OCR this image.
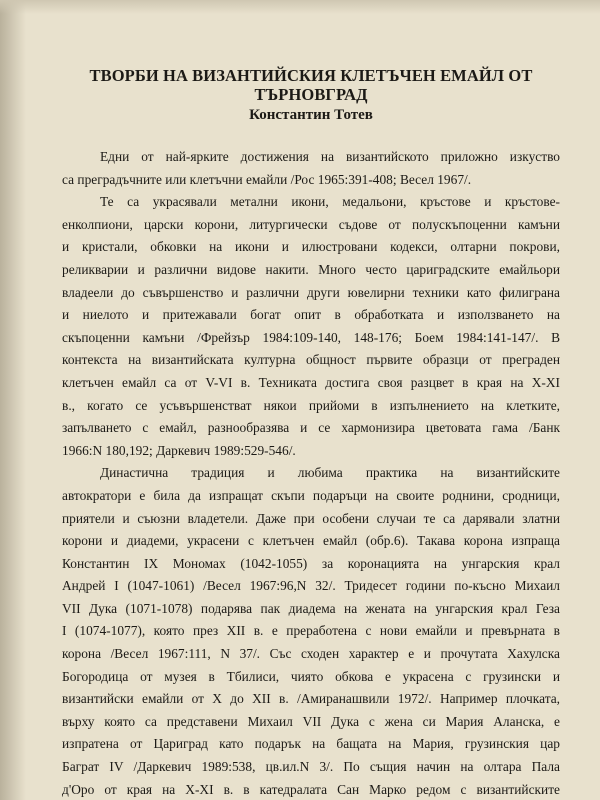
ТВОРБИ НА ВИЗАНТИЙСКИЯ КЛЕТЪЧЕН ЕМАЙЛ ОТ
ТЪРНОВГРАД
Константин Тотев
Едни от най-ярките достижения на византийското приложно изкуство
са преградъчните или клетъчни емайли /Рос 1965:391-408; Весел 1967/.
Те са украсявали метални икони, медальони, кръстове и кръстове-
енколпиони, царски корони, литургически съдове от полускъпоценни камъни
и кристали, обковки на икони и илюстровани кодекси, олтарни покрови,
реликварии и различни видове накити. Много често цариградските емайльори
владеели до съвършенство и различни други ювелирни техники като филиграна
и ниелото и притежавали богат опит в обработката и използването на
скъпоценни камъни /Фрейзър 1984:109-140, 148-176; Боем 1984:141-147/. В
контекста на византийската културна общност първите образци от преграден
клетъчен емайл са от V-VI в. Техниката достига своя разцвет в края на X-XI
в., когато се усъвършенстват някои прийоми в изпълнението на клетките,
запълването с емайл, разнообразява и се хармонизира цветовата гама /Банк
1966:N 180,192; Даркевич 1989:529-546/.
Династична традиция и любима практика на византийските
автократори е била да изпращат скъпи подаръци на своите роднини, сродници,
приятели и съюзни владетели. Даже при особени случаи те са дарявали златни
корони и диадеми, украсени с клетъчен емайл (обр.6). Такава корона изпраща
Константин IX Мономах (1042-1055) за коронацията на унгарския крал
Андрей I (1047-1061) /Весел 1967:96,N 32/. Тридесет години по-късно Михаил
VII Дука (1071-1078) подарява пак диадема на жената на унгарския крал Геза
I (1074-1077), която през XII в. е преработена с нови емайли и превърната в
корона /Весел 1967:111, N 37/. Със сходен характер е и прочутата Хахулска
Богородица от музея в Тбилиси, чиято обкова е украсена с грузински и
византийски емайли от X до XII в. /Амиранашвили 1972/. Например плочката,
върху която са представени Михаил VII Дука с жена си Мария Аланска, е
изпратена от Цариград като подарък на бащата на Мария, грузинския цар
Баграт IV /Даркевич 1989:538, цв.ил.N 3/. По същия начин на олтара Пала
д'Оро от края на X-XI в. в катедралата Сан Марко редом с византийските
